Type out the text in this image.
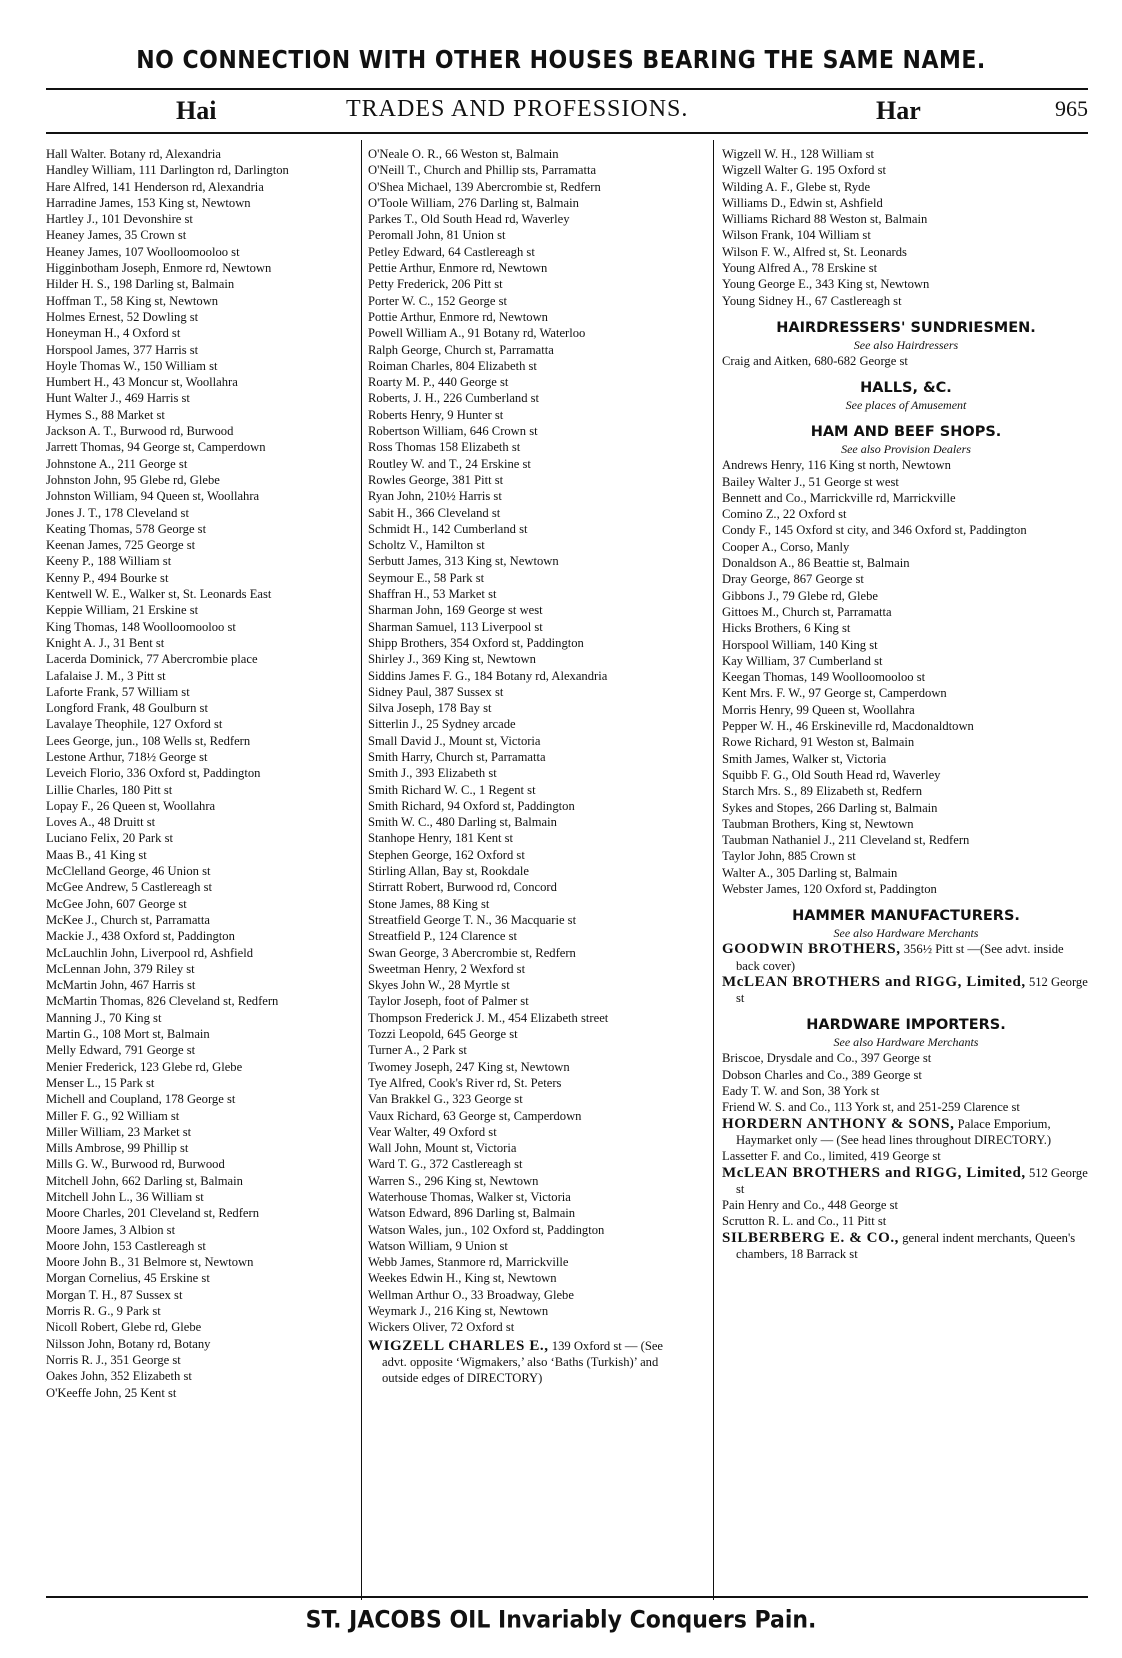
NO CONNECTION WITH OTHER HOUSES BEARING THE SAME NAME.
Hai	TRADES AND PROFESSIONS.	Har	965

Hall Walter. Botany rd, Alexandria

Handley William, 111 Darlington rd, Darlington

Hare Alfred, 141 Henderson rd, Alexandria

Harradine James, 153 King st, Newtown

Hartley J., 101 Devonshire st

Heaney James, 35 Crown st

Heaney James, 107 Woolloomooloo st

Higginbotham Joseph, Enmore rd, Newtown

Hilder H. S., 198 Darling st, Balmain

Hoffman T., 58 King st, Newtown

Holmes Ernest, 52 Dowling st

Honeyman H., 4 Oxford st

Horspool James, 377 Harris st

Hoyle Thomas W., 150 William st

Humbert H., 43 Moncur st, Woollahra

Hunt Walter J., 469 Harris st

Hymes S., 88 Market st

Jackson A. T., Burwood rd, Burwood

Jarrett Thomas, 94 George st, Camperdown

Johnstone A., 211 George st

Johnston John, 95 Glebe rd, Glebe

Johnston William, 94 Queen st, Woollahra

Jones J. T., 178 Cleveland st

Keating Thomas, 578 George st

Keenan James, 725 George st

Keeny P., 188 William st

Kenny P., 494 Bourke st

Kentwell W. E., Walker st, St. Leonards East

Keppie William, 21 Erskine st

King Thomas, 148 Woolloomooloo st

Knight A. J., 31 Bent st

Lacerda Dominick, 77 Abercrombie place

Lafalaise J. M., 3 Pitt st

Laforte Frank, 57 William st

Longford Frank, 48 Goulburn st

Lavalaye Theophile, 127 Oxford st

Lees George, jun., 108 Wells st, Redfern

Lestone Arthur, 718½ George st

Leveich Florio, 336 Oxford st, Paddington

Lillie Charles, 180 Pitt st

Lopay F., 26 Queen st, Woollahra

Loves A., 48 Druitt st

Luciano Felix, 20 Park st

Maas B., 41 King st

McClelland George, 46 Union st

McGee Andrew, 5 Castlereagh st

McGee John, 607 George st

McKee J., Church st, Parramatta

Mackie J., 438 Oxford st, Paddington

McLauchlin John, Liverpool rd, Ashfield

McLennan John, 379 Riley st

McMartin John, 467 Harris st

McMartin Thomas, 826 Cleveland st, Redfern

Manning J., 70 King st

Martin G., 108 Mort st, Balmain

Melly Edward, 791 George st

Menier Frederick, 123 Glebe rd, Glebe

Menser L., 15 Park st

Michell and Coupland, 178 George st

Miller F. G., 92 William st

Miller William, 23 Market st

Mills Ambrose, 99 Phillip st

Mills G. W., Burwood rd, Burwood

Mitchell John, 662 Darling st, Balmain

Mitchell John L., 36 William st

Moore Charles, 201 Cleveland st, Redfern

Moore James, 3 Albion st

Moore John, 153 Castlereagh st

Moore John B., 31 Belmore st, Newtown

Morgan Cornelius, 45 Erskine st

Morgan T. H., 87 Sussex st

Morris R. G., 9 Park st

Nicoll Robert, Glebe rd, Glebe

Nilsson John, Botany rd, Botany

Norris R. J., 351 George st

Oakes John, 352 Elizabeth st

O'Keeffe John, 25 Kent st

O'Neale O. R., 66 Weston st, Balmain

O'Neill T., Church and Phillip sts, Parramatta

O'Shea Michael, 139 Abercrombie st, Redfern

O'Toole William, 276 Darling st, Balmain

Parkes T., Old South Head rd, Waverley

Peromall John, 81 Union st

Petley Edward, 64 Castlereagh st

Pettie Arthur, Enmore rd, Newtown

Petty Frederick, 206 Pitt st

Porter W. C., 152 George st

Pottie Arthur, Enmore rd, Newtown

Powell William A., 91 Botany rd, Waterloo

Ralph George, Church st, Parramatta

Roiman Charles, 804 Elizabeth st

Roarty M. P., 440 George st

Roberts, J. H., 226 Cumberland st

Roberts Henry, 9 Hunter st

Robertson William, 646 Crown st

Ross Thomas 158 Elizabeth st

Routley W. and T., 24 Erskine st

Rowles George, 381 Pitt st

Ryan John, 210½ Harris st

Sabit H., 366 Cleveland st

Schmidt H., 142 Cumberland st

Scholtz V., Hamilton st

Serbutt James, 313 King st, Newtown

Seymour E., 58 Park st

Shaffran H., 53 Market st

Sharman John, 169 George st west

Sharman Samuel, 113 Liverpool st

Shipp Brothers, 354 Oxford st, Paddington

Shirley J., 369 King st, Newtown

Siddins James F. G., 184 Botany rd, Alexandria

Sidney Paul, 387 Sussex st

Silva Joseph, 178 Bay st

Sitterlin J., 25 Sydney arcade

Small David J., Mount st, Victoria

Smith Harry, Church st, Parramatta

Smith J., 393 Elizabeth st

Smith Richard W. C., 1 Regent st

Smith Richard, 94 Oxford st, Paddington

Smith W. C., 480 Darling st, Balmain

Stanhope Henry, 181 Kent st

Stephen George, 162 Oxford st

Stirling Allan, Bay st, Rookdale

Stirratt Robert, Burwood rd, Concord

Stone James, 88 King st

Streatfield George T. N., 36 Macquarie st

Streatfield P., 124 Clarence st

Swan George, 3 Abercrombie st, Redfern

Sweetman Henry, 2 Wexford st

Skyes John W., 28 Myrtle st

Taylor Joseph, foot of Palmer st

Thompson Frederick J. M., 454 Elizabeth street

Tozzi Leopold, 645 George st

Turner A., 2 Park st

Twomey Joseph, 247 King st, Newtown

Tye Alfred, Cook's River rd, St. Peters

Van Brakkel G., 323 George st

Vaux Richard, 63 George st, Camperdown

Vear Walter, 49 Oxford st

Wall John, Mount st, Victoria

Ward T. G., 372 Castlereagh st

Warren S., 296 King st, Newtown

Waterhouse Thomas, Walker st, Victoria

Watson Edward, 896 Darling st, Balmain

Watson Wales, jun., 102 Oxford st, Paddington

Watson William, 9 Union st

Webb James, Stanmore rd, Marrickville

Weekes Edwin H., King st, Newtown

Wellman Arthur O., 33 Broadway, Glebe

Weymark J., 216 King st, Newtown

Wickers Oliver, 72 Oxford st

WIGZELL CHARLES E., 139 Oxford st — (See advt. opposite ‘Wigmakers,’ also ‘Baths (Turkish)’ and outside edges of DIRECTORY)

Wigzell W. H., 128 William st

Wigzell Walter G. 195 Oxford st

Wilding A. F., Glebe st, Ryde

Williams D., Edwin st, Ashfield

Williams Richard 88 Weston st, Balmain

Wilson Frank, 104 William st

Wilson F. W., Alfred st, St. Leonards

Young Alfred A., 78 Erskine st

Young George E., 343 King st, Newtown

Young Sidney H., 67 Castlereagh st

HAIRDRESSERS' SUNDRIESMEN.
See also Hairdressers

Craig and Aitken, 680-682 George st

HALLS, &C.
See places of Amusement
HAM AND BEEF SHOPS.
See also Provision Dealers

Andrews Henry, 116 King st north, Newtown

Bailey Walter J., 51 George st west

Bennett and Co., Marrickville rd, Marrickville

Comino Z., 22 Oxford st

Condy F., 145 Oxford st city, and 346 Oxford st, Paddington

Cooper A., Corso, Manly

Donaldson A., 86 Beattie st, Balmain

Dray George, 867 George st

Gibbons J., 79 Glebe rd, Glebe

Gittoes M., Church st, Parramatta

Hicks Brothers, 6 King st

Horspool William, 140 King st

Kay William, 37 Cumberland st

Keegan Thomas, 149 Woolloomooloo st

Kent Mrs. F. W., 97 George st, Camperdown

Morris Henry, 99 Queen st, Woollahra

Pepper W. H., 46 Erskineville rd, Macdonaldtown

Rowe Richard, 91 Weston st, Balmain

Smith James, Walker st, Victoria

Squibb F. G., Old South Head rd, Waverley

Starch Mrs. S., 89 Elizabeth st, Redfern

Sykes and Stopes, 266 Darling st, Balmain

Taubman Brothers, King st, Newtown

Taubman Nathaniel J., 211 Cleveland st, Redfern

Taylor John, 885 Crown st

Walter A., 305 Darling st, Balmain

Webster James, 120 Oxford st, Paddington

HAMMER MANUFACTURERS.
See also Hardware Merchants

GOODWIN BROTHERS, 356½ Pitt st —(See advt. inside back cover)

McLEAN BROTHERS and RIGG, Limited, 512 George st

HARDWARE IMPORTERS.
See also Hardware Merchants

Briscoe, Drysdale and Co., 397 George st

Dobson Charles and Co., 389 George st

Eady T. W. and Son, 38 York st

Friend W. S. and Co., 113 York st, and 251-259 Clarence st

HORDERN ANTHONY & SONS, Palace Emporium, Haymarket only — (See head lines throughout DIRECTORY.)

Lassetter F. and Co., limited, 419 George st

McLEAN BROTHERS and RIGG, Limited, 512 George st

Pain Henry and Co., 448 George st

Scrutton R. L. and Co., 11 Pitt st

SILBERBERG E. & CO., general indent merchants, Queen's chambers, 18 Barrack st

ST. JACOBS OIL Invariably Conquers Pain.
